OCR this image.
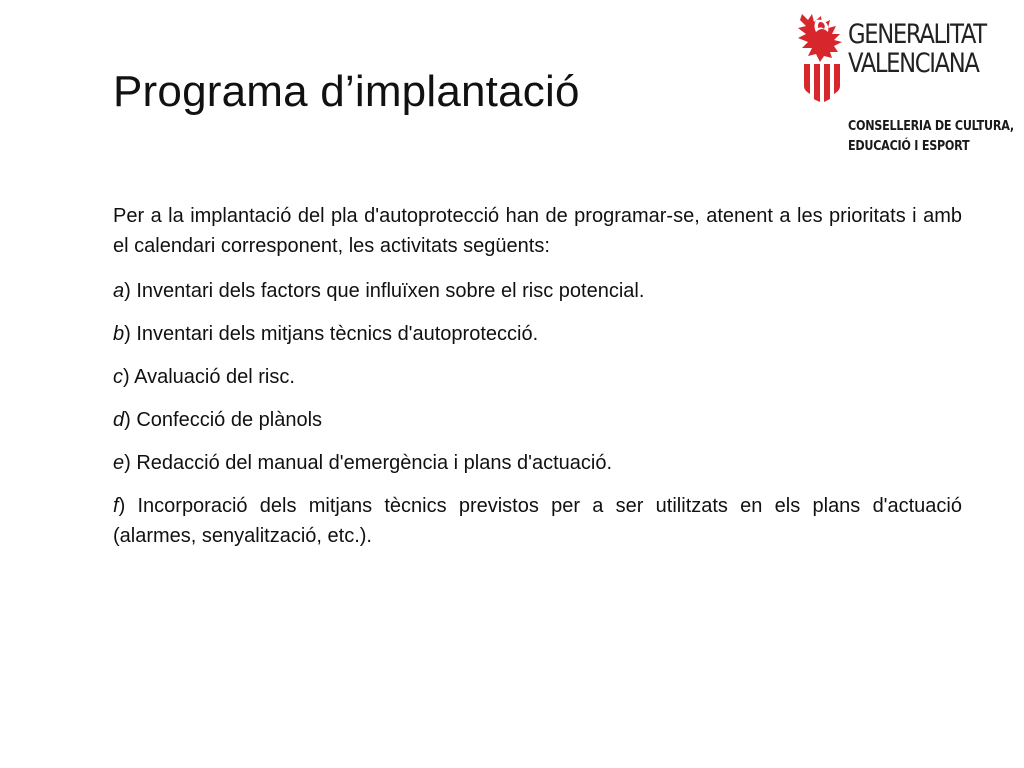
Programa d’implantació
GENERALITAT
VALENCIANA
CONSELLERIA DE CULTURA,
EDUCACIÓ I ESPORT

Per a la implantació del pla d'autoprotecció han de programar-se, atenent a les prioritats i amb el calendari corresponent, les activitats següents:

a) Inventari dels factors que influïxen sobre el risc potencial.

b) Inventari dels mitjans tècnics d'autoprotecció.

c) Avaluació del risc.

d) Confecció de plànols

e) Redacció del manual d'emergència i plans d'actuació.

f) Incorporació dels mitjans tècnics previstos per a ser utilitzats en els plans d'actuació (alarmes, senyalització, etc.).
